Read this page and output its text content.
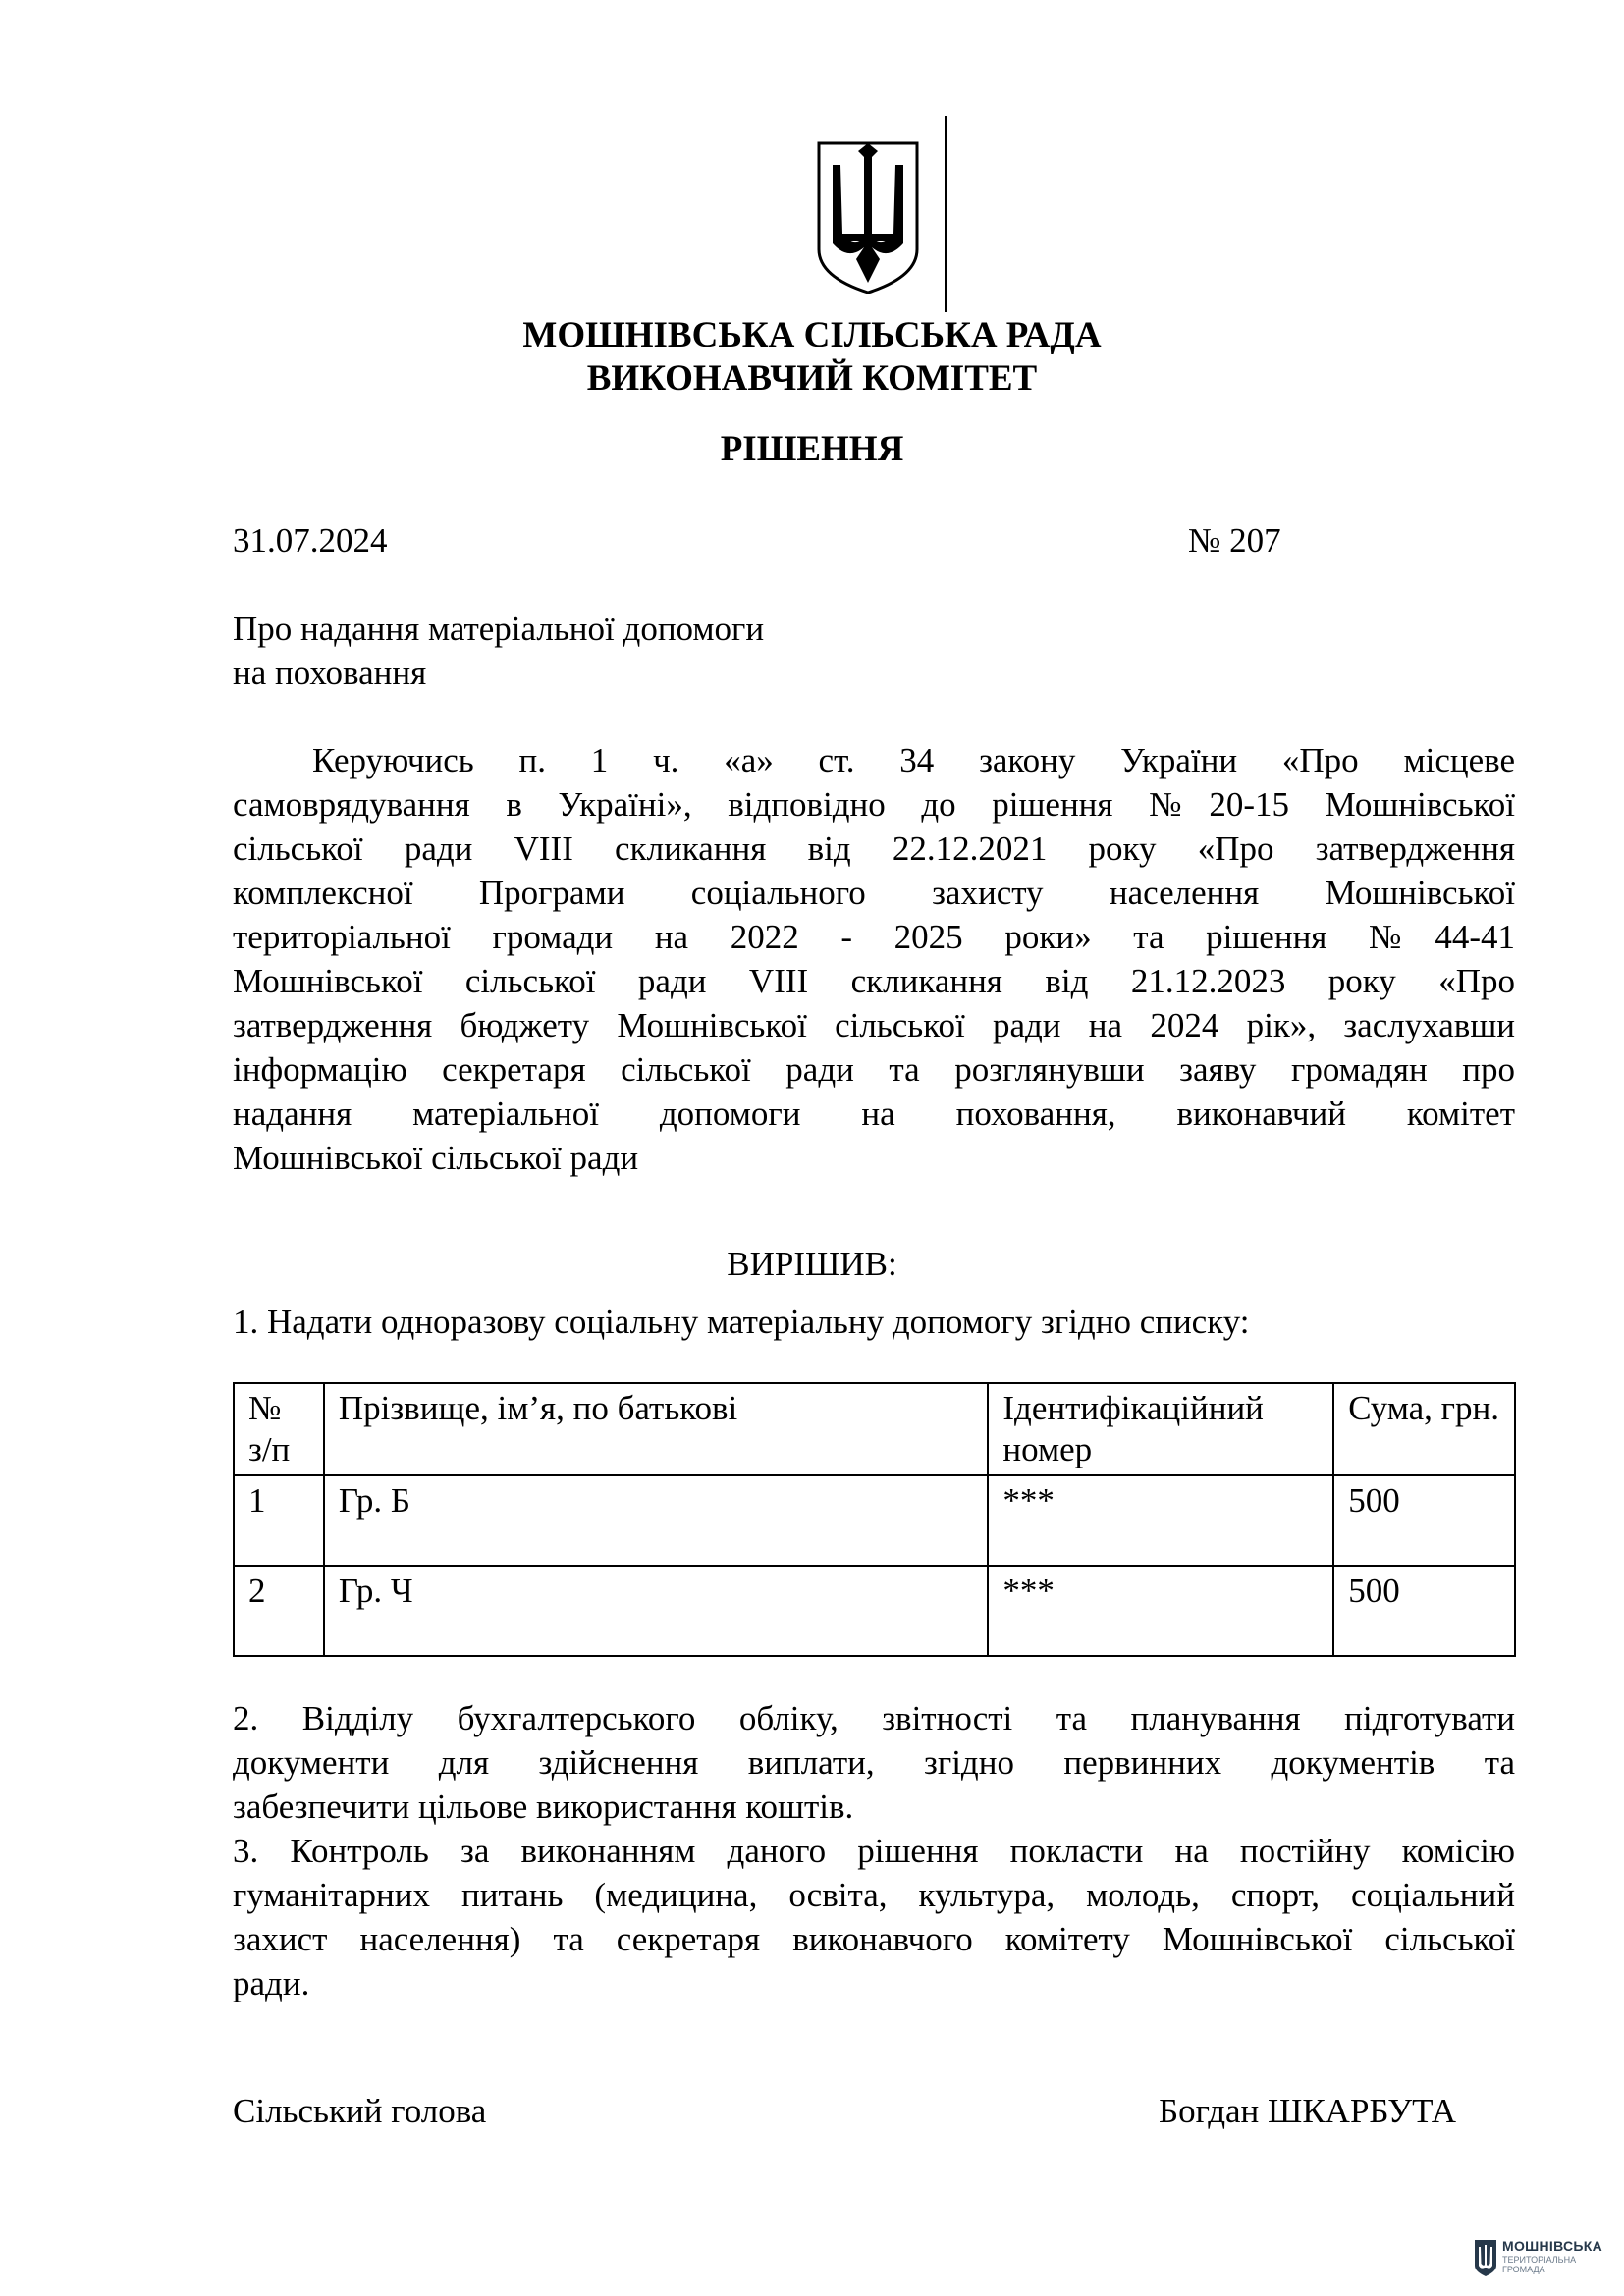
МОШНІВСЬКА СІЛЬСЬКА РАДА
ВИКОНАВЧИЙ КОМІТЕТ
РІШЕННЯ
31.07.2024	№ 207
Про надання матеріальної допомоги
на поховання
Керуючись п. 1 ч. «а» ст. 34 закону України «Про місцеве
самоврядування в Україні», відповідно до рішення №20-15 Мошнівської
сільської ради VIII скликання від 22.12.2021 року «Про затвердження
комплексної Програми соціального захисту населення Мошнівської
територіальної громади на 2022 - 2025 роки» та рішення №44-41
Мошнівської сільської ради VIII скликання від 21.12.2023 року «Про
затвердження бюджету Мошнівської сільської ради на 2024 рік», заслухавши
інформацію секретаря сільської ради та розглянувши заяву громадян про
надання матеріальної допомоги на поховання, виконавчий комітет
Мошнівської сільської ради
ВИРІШИВ:
1. Надати одноразову соціальну матеріальну допомогу згідно списку:
№ з/п	Прізвище, ім’я, по батькові	Ідентифікаційний номер	Сума, грн.
1	Гр. Б	***	500
2	Гр. Ч	***	500
2. Відділу бухгалтерського обліку, звітності та планування підготувати
документи для здійснення виплати, згідно первинних документів та
забезпечити цільове використання коштів.
3. Контроль за виконанням даного рішення покласти на постійну комісію
гуманітарних питань (медицина, освіта, культура, молодь, спорт, соціальний
захист населення) та секретаря виконавчого комітету Мошнівської сільської
ради.
Сільський голова	Богдан ШКАРБУТА
МОШНІВСЬКА
ТЕРИТОРІАЛЬНА
ГРОМАДА
